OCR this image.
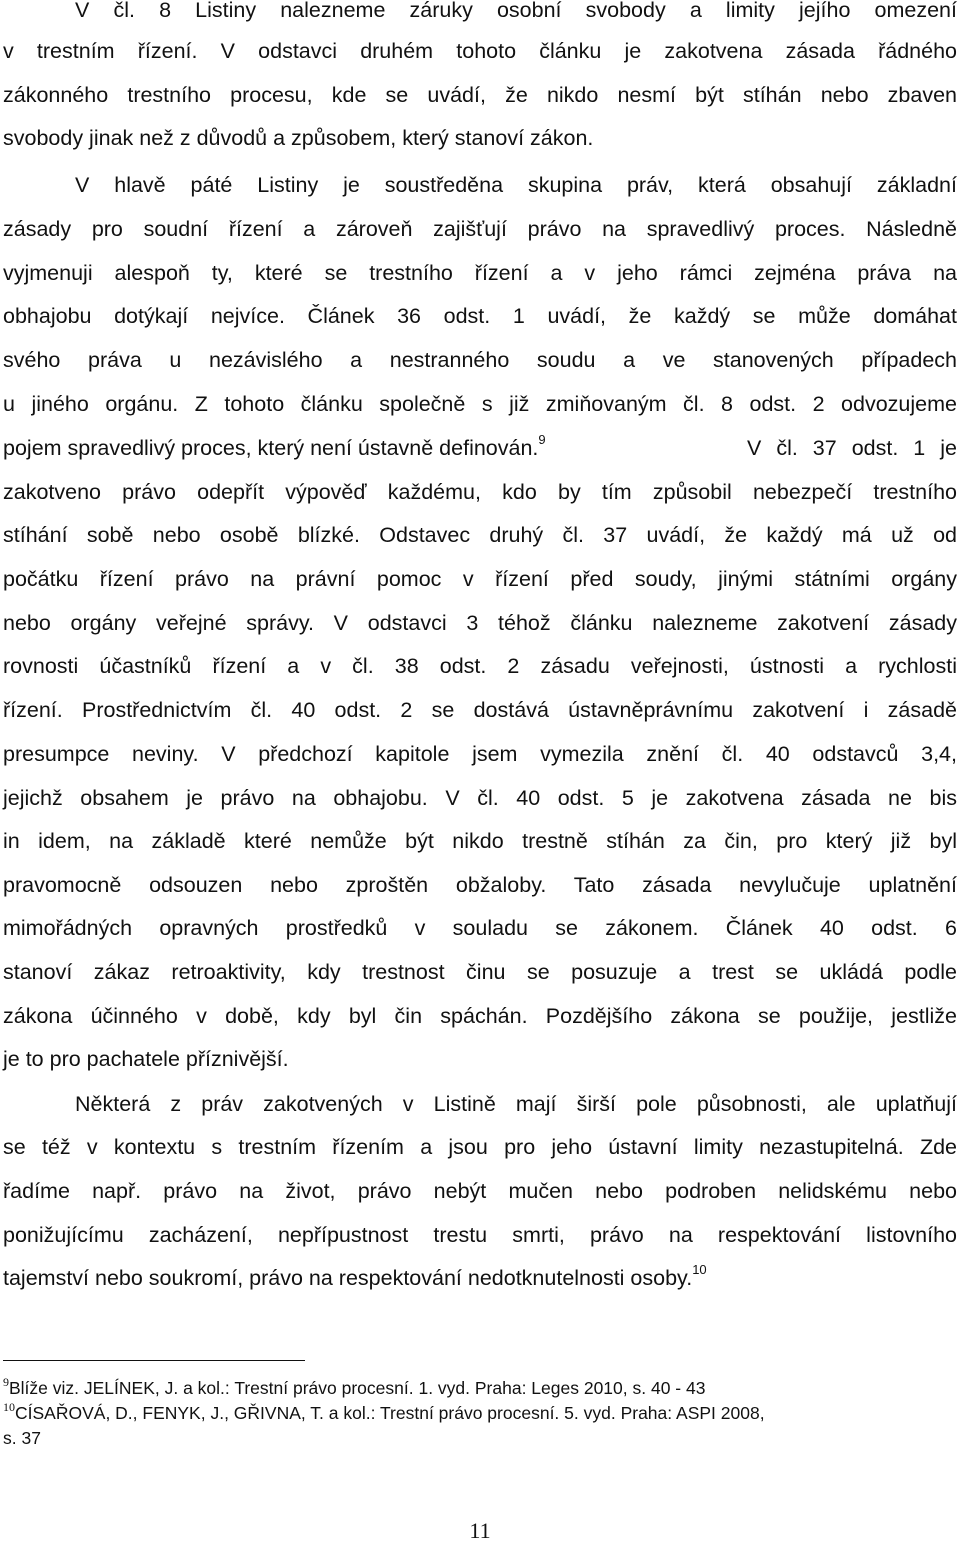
V čl. 8 Listiny nalezneme záruky osobní svobody a limity jejího omezení
v trestním řízení. V odstavci druhém tohoto článku je zakotvena zásada řádného
zákonného trestního procesu, kde se uvádí, že nikdo nesmí být stíhán nebo zbaven
svobody jinak než z důvodů a způsobem, který stanoví zákon.
V hlavě páté Listiny je soustředěna skupina práv, která obsahují základní
zásady pro soudní řízení a zároveň zajišťují právo na spravedlivý proces. Následně
vyjmenuji alespoň ty, které se trestního řízení a v jeho rámci zejména práva na
obhajobu dotýkají nejvíce. Článek 36 odst. 1 uvádí, že každý se může domáhat
svého práva u nezávislého a nestranného soudu a ve stanovených případech
u jiného orgánu. Z tohoto článku společně s již zmiňovaným čl. 8 odst. 2 odvozujeme
pojem spravedlivý proces, který není ústavně definován.$^9$	V čl. 37 odst. 1 je
zakotveno právo odepřít výpověď každému, kdo by tím způsobil nebezpečí trestního
stíhání sobě nebo osobě blízké. Odstavec druhý čl. 37 uvádí, že každý má už od
počátku řízení právo na právní pomoc v řízení před soudy, jinými státními orgány
nebo orgány veřejné správy. V odstavci 3 téhož článku nalezneme zakotvení zásady
rovnosti účastníků řízení a v čl. 38 odst. 2 zásadu veřejnosti, ústnosti a rychlosti
řízení. Prostřednictvím čl. 40 odst. 2 se dostává ústavněprávnímu zakotvení i zásadě
presumpce neviny. V předchozí kapitole jsem vymezila znění čl. 40 odstavců 3,4,
jejichž obsahem je právo na obhajobu. V čl. 40 odst. 5 je zakotvena zásada ne bis
in idem, na základě které nemůže být nikdo trestně stíhán za čin, pro který již byl
pravomocně odsouzen nebo zproštěn obžaloby. Tato zásada nevylučuje uplatnění
mimořádných opravných prostředků v souladu se zákonem. Článek 40 odst. 6
stanoví zákaz retroaktivity, kdy trestnost činu se posuzuje a trest se ukládá podle
zákona účinného v době, kdy byl čin spáchán. Pozdějšího zákona se použije, jestliže
je to pro pachatele příznivější.
Některá z práv zakotvených v Listině mají širší pole působnosti, ale uplatňují
se též v kontextu s trestním řízením a jsou pro jeho ústavní limity nezastupitelná. Zde
řadíme např. právo na život, právo nebýt mučen nebo podroben nelidskému nebo
ponižujícímu zacházení, nepřípustnost trestu smrti, právo na respektování listovního
tajemství nebo soukromí, právo na respektování nedotknutelnosti osoby.$^{10}$
$^9$Blíže viz. JELÍNEK, J. a kol.: Trestní právo procesní. 1. vyd. Praha: Leges 2010, s. 40 - 43
$^{10}$CÍSAŘOVÁ, D., FENYK, J., GŘIVNA, T. a kol.: Trestní právo procesní. 5. vyd. Praha: ASPI 2008,
s. 37
11
